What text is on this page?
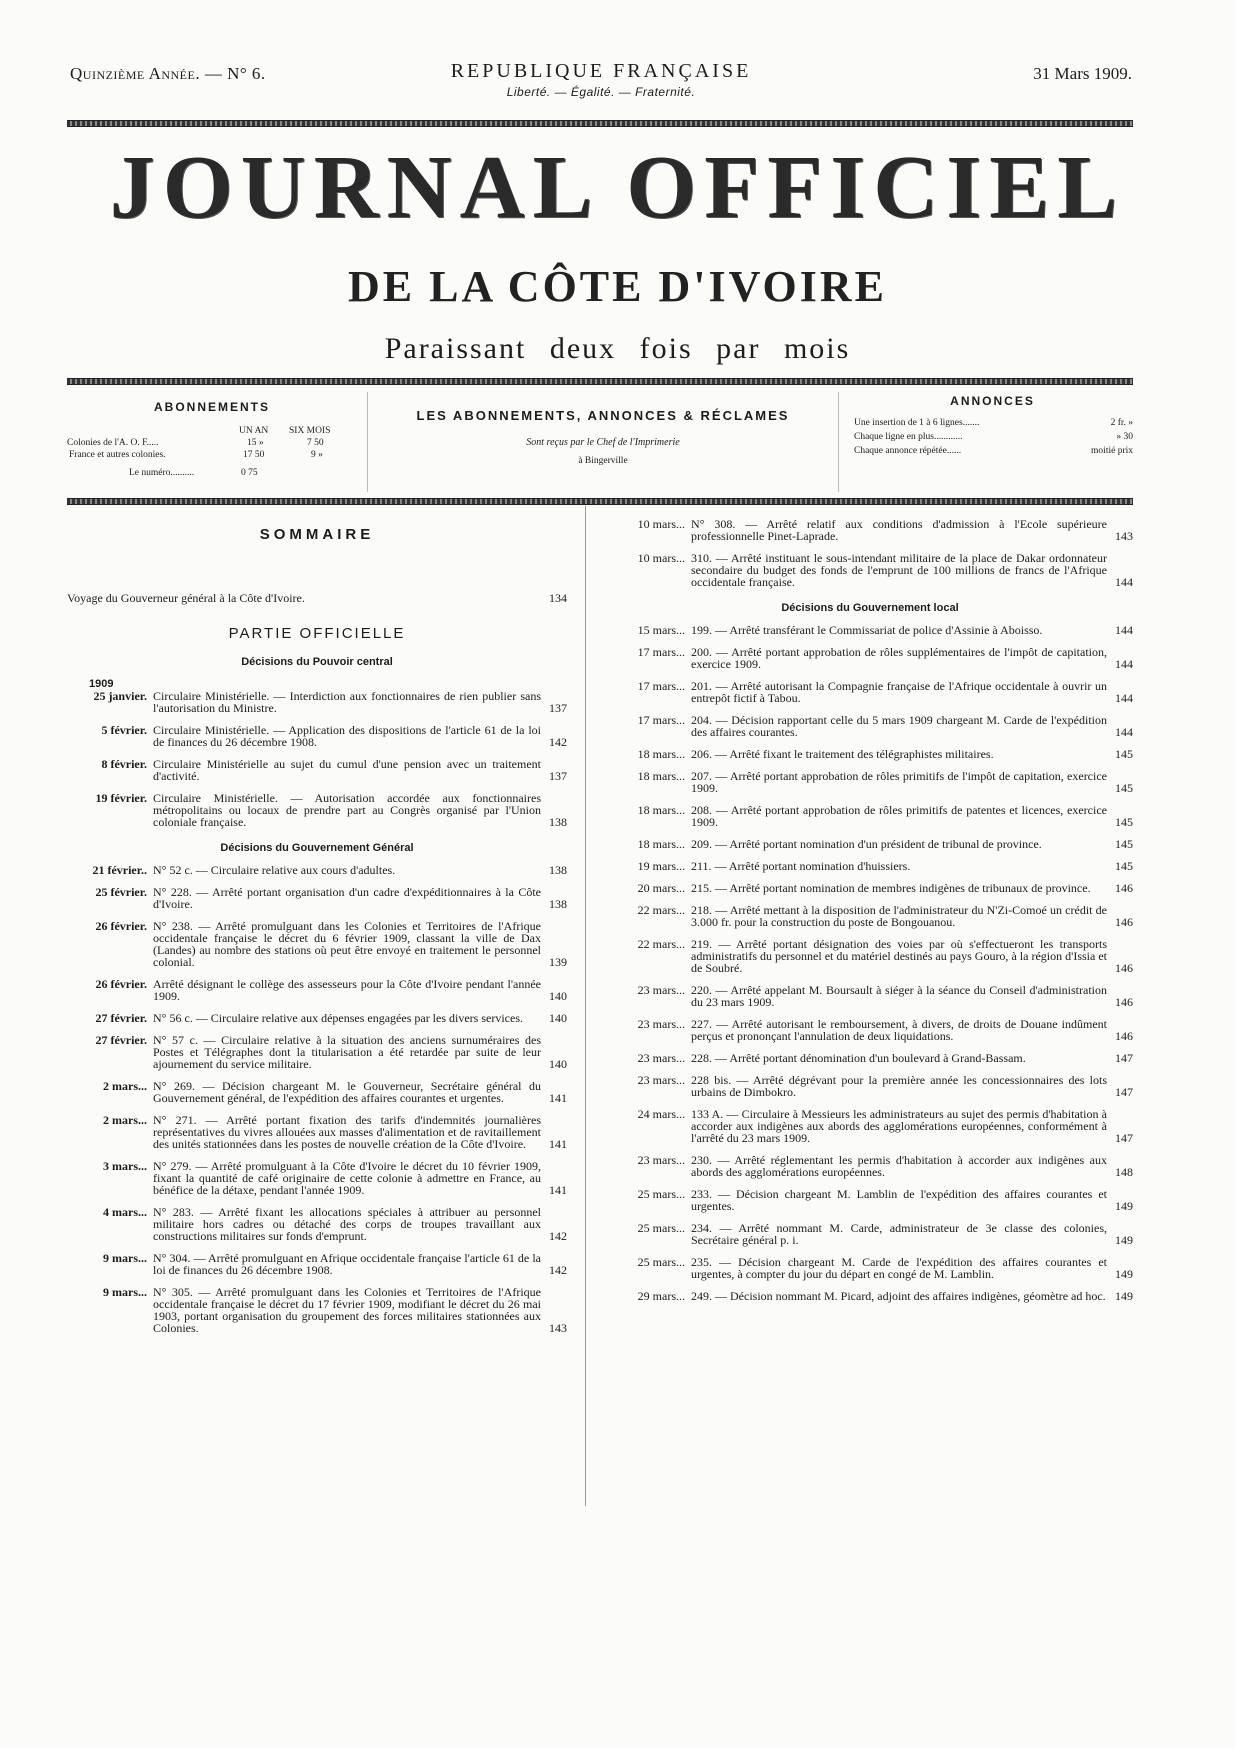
Quinzième Année. — N° 6.	REPUBLIQUE FRANÇAISE
Liberté. — Égalité. — Fraternité.
31 Mars 1909.
JOURNAL OFFICIEL
DE LA CÔTE D'IVOIRE
Paraissant deux fois par mois
ABONNEMENTS
UN AN SIX MOIS
Colonies de l'A. O. F.....	15 »	7 50
France et autres colonies.	17 50	9 »
Le numéro..........	0 75
LES ABONNEMENTS, ANNONCES & RÉCLAMES
Sont reçus par le Chef de l'Imprimerie
à Bingerville
ANNONCES
Une insertion de 1 à 6 lignes.......	2 fr. »
Chaque ligne en plus............	» 30
Chaque annonce répétée......	moitié prix
SOMMAIRE
Voyage du Gouverneur général à la Côte d'Ivoire.	134
PARTIE OFFICIELLE
Décisions du Pouvoir central
1909
25 janvier. Circulaire Ministérielle. — Interdiction aux fonctionnaires de rien publier sans l'autorisation du Ministre.	137
5 février. Circulaire Ministérielle. — Application des dispositions de l'article 61 de la loi de finances du 26 décembre 1908.	142
8 février. Circulaire Ministérielle au sujet du cumul d'une pension avec un traitement d'activité.	137
19 février. Circulaire Ministérielle. — Autorisation accordée aux fonctionnaires métropolitains ou locaux de prendre part au Congrès organisé par l'Union coloniale française.	138
Décisions du Gouvernement Général
21 février.. N° 52 c. — Circulaire relative aux cours d'adultes.	138
25 février. N° 228. — Arrêté portant organisation d'un cadre d'expéditionnaires à la Côte d'Ivoire.	138
26 février. N° 238. — Arrêté promulguant dans les Colonies et Territoires de l'Afrique occidentale française le décret du 6 février 1909, classant la ville de Dax (Landes) au nombre des stations où peut être envoyé en traitement le personnel colonial.	139
26 février. Arrêté désignant le collège des assesseurs pour la Côte d'Ivoire pendant l'année 1909.	140
27 février. N° 56 c. — Circulaire relative aux dépenses engagées par les divers services.	140
27 février. N° 57 c. — Circulaire relative à la situation des anciens surnuméraires des Postes et Télégraphes dont la titularisation a été retardée par suite de leur ajournement du service militaire.	140
2 mars... N° 269. — Décision chargeant M. le Gouverneur, Secrétaire général du Gouvernement général, de l'expédition des affaires courantes et urgentes.	141
2 mars... N° 271. — Arrêté portant fixation des tarifs d'indemnités journalières représentatives du vivres allouées aux masses d'alimentation et de ravitaillement des unités stationnées dans les postes de nouvelle création de la Côte d'Ivoire.	141
3 mars... N° 279. — Arrêté promulguant à la Côte d'Ivoire le décret du 10 février 1909, fixant la quantité de café originaire de cette colonie à admettre en France, au bénéfice de la détaxe, pendant l'année 1909.	141
4 mars... N° 283. — Arrêté fixant les allocations spéciales à attribuer au personnel militaire hors cadres ou détaché des corps de troupes travaillant aux constructions militaires sur fonds d'emprunt.	142
9 mars... N° 304. — Arrêté promulguant en Afrique occidentale française l'article 61 de la loi de finances du 26 décembre 1908.	142
9 mars... N° 305. — Arrêté promulguant dans les Colonies et Territoires de l'Afrique occidentale française le décret du 17 février 1909, modifiant le décret du 26 mai 1903, portant organisation du groupement des forces militaires stationnées aux Colonies.	143
10 mars... N° 308. — Arrêté relatif aux conditions d'admission à l'Ecole supérieure professionnelle Pinet-Laprade.	143
10 mars... 310. — Arrêté instituant le sous-intendant militaire de la place de Dakar ordonnateur secondaire du budget des fonds de l'emprunt de 100 millions de francs de l'Afrique occidentale française.	144
Décisions du Gouvernement local
15 mars... 199. — Arrêté transférant le Commissariat de police d'Assinie à Aboisso.	144
17 mars... 200. — Arrêté portant approbation de rôles supplémentaires de l'impôt de capitation, exercice 1909.	144
17 mars... 201. — Arrêté autorisant la Compagnie française de l'Afrique occidentale à ouvrir un entrepôt fictif à Tabou.	144
17 mars... 204. — Décision rapportant celle du 5 mars 1909 chargeant M. Carde de l'expédition des affaires courantes.	144
18 mars... 206. — Arrêté fixant le traitement des télégraphistes militaires.	145
18 mars... 207. — Arrêté portant approbation de rôles primitifs de l'impôt de capitation, exercice 1909.	145
18 mars... 208. — Arrêté portant approbation de rôles primitifs de patentes et licences, exercice 1909.	145
18 mars... 209. — Arrêté portant nomination d'un président de tribunal de province.	145
19 mars... 211. — Arrêté portant nomination d'huissiers.	145
20 mars... 215. — Arrêté portant nomination de membres indigènes de tribunaux de province.	146
22 mars... 218. — Arrêté mettant à la disposition de l'administrateur du N'Zi-Comoé un crédit de 3.000 fr. pour la construction du poste de Bongouanou.	146
22 mars... 219. — Arrêté portant désignation des voies par où s'effectueront les transports administratifs du personnel et du matériel destinés au pays Gouro, à la région d'Issia et de Soubré.	146
23 mars... 220. — Arrêté appelant M. Boursault à siéger à la séance du Conseil d'administration du 23 mars 1909.	146
23 mars... 227. — Arrêté autorisant le remboursement, à divers, de droits de Douane indûment perçus et prononçant l'annulation de deux liquidations.	146
23 mars... 228. — Arrêté portant dénomination d'un boulevard à Grand-Bassam.	147
23 mars... 228 bis. — Arrêté dégrévant pour la première année les concessionnaires des lots urbains de Dimbokro.	147
24 mars... 133 A. — Circulaire à Messieurs les administrateurs au sujet des permis d'habitation à accorder aux indigènes aux abords des agglomérations européennes, conformément à l'arrêté du 23 mars 1909.	147
23 mars... 230. — Arrêté réglementant les permis d'habitation à accorder aux indigènes aux abords des agglomérations européennes.	148
25 mars... 233. — Décision chargeant M. Lamblin de l'expédition des affaires courantes et urgentes.	149
25 mars... 234. — Arrêté nommant M. Carde, administrateur de 3e classe des colonies, Secrétaire général p. i.	149
25 mars... 235. — Décision chargeant M. Carde de l'expédition des affaires courantes et urgentes, à compter du jour du départ en congé de M. Lamblin.	149
29 mars... 249. — Décision nommant M. Picard, adjoint des affaires indigènes, géomètre ad hoc. 149
